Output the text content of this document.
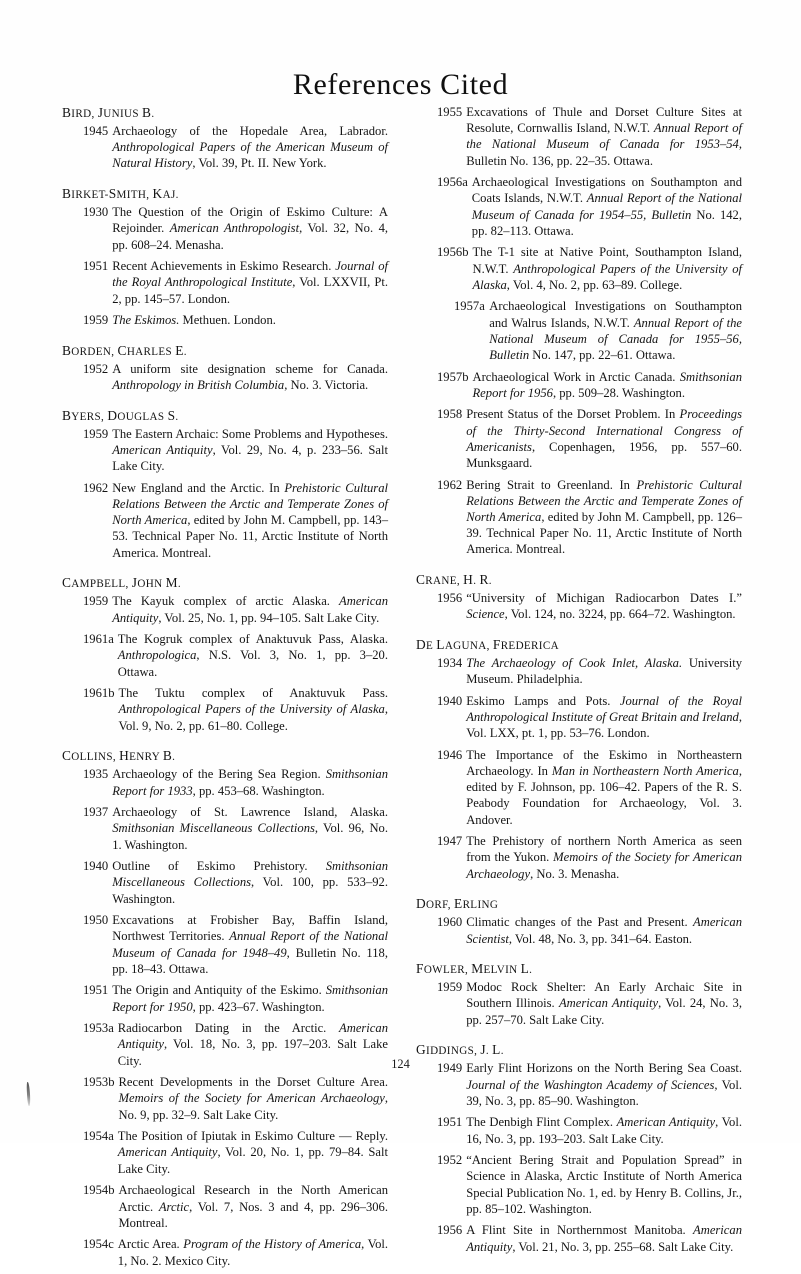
References Cited
BIRD, JUNIUS B.
1945 Archaeology of the Hopedale Area, Labrador. Anthropological Papers of the American Museum of Natural History, Vol. 39, Pt. II. New York.
BIRKET-SMITH, KAJ.
1930 The Question of the Origin of Eskimo Culture: A Rejoinder. American Anthropologist, Vol. 32, No. 4, pp. 608–24. Menasha.
1951 Recent Achievements in Eskimo Research. Journal of the Royal Anthropological Institute, Vol. LXXVII, Pt. 2, pp. 145–57. London.
1959 The Eskimos. Methuen. London.
BORDEN, CHARLES E.
1952 A uniform site designation scheme for Canada. Anthropology in British Columbia, No. 3. Victoria.
BYERS, DOUGLAS S.
1959 The Eastern Archaic: Some Problems and Hypotheses. American Antiquity, Vol. 29, No. 4, p. 233–56. Salt Lake City.
1962 New England and the Arctic. In Prehistoric Cultural Relations Between the Arctic and Temperate Zones of North America, edited by John M. Campbell, pp. 143–53. Technical Paper No. 11, Arctic Institute of North America. Montreal.
CAMPBELL, JOHN M.
1959 The Kayuk complex of arctic Alaska. American Antiquity, Vol. 25, No. 1, pp. 94–105. Salt Lake City.
1961a The Kogruk complex of Anaktuvuk Pass, Alaska. Anthropologica, N.S. Vol. 3, No. 1, pp. 3–20. Ottawa.
1961b The Tuktu complex of Anaktuvuk Pass. Anthropological Papers of the University of Alaska, Vol. 9, No. 2, pp. 61–80. College.
COLLINS, HENRY B.
1935 Archaeology of the Bering Sea Region. Smithsonian Report for 1933, pp. 453–68. Washington.
1937 Archaeology of St. Lawrence Island, Alaska. Smithsonian Miscellaneous Collections, Vol. 96, No. 1. Washington.
1940 Outline of Eskimo Prehistory. Smithsonian Miscellaneous Collections, Vol. 100, pp. 533–92. Washington.
1950 Excavations at Frobisher Bay, Baffin Island, Northwest Territories. Annual Report of the National Museum of Canada for 1948–49, Bulletin No. 118, pp. 18–43. Ottawa.
1951 The Origin and Antiquity of the Eskimo. Smithsonian Report for 1950, pp. 423–67. Washington.
1953a Radiocarbon Dating in the Arctic. American Antiquity, Vol. 18, No. 3, pp. 197–203. Salt Lake City.
1953b Recent Developments in the Dorset Culture Area. Memoirs of the Society for American Archaeology, No. 9, pp. 32–9. Salt Lake City.
1954a The Position of Ipiutak in Eskimo Culture — Reply. American Antiquity, Vol. 20, No. 1, pp. 79–84. Salt Lake City.
1954b Archaeological Research in the North American Arctic. Arctic, Vol. 7, Nos. 3 and 4, pp. 296–306. Montreal.
1954c Arctic Area. Program of the History of America, Vol. 1, No. 2. Mexico City.
1955 Excavations of Thule and Dorset Culture Sites at Resolute, Cornwallis Island, N.W.T. Annual Report of the National Museum of Canada for 1953–54, Bulletin No. 136, pp. 22–35. Ottawa.
1956a Archaeological Investigations on Southampton and Coats Islands, N.W.T. Annual Report of the National Museum of Canada for 1954–55, Bulletin No. 142, pp. 82–113. Ottawa.
1956b The T-1 site at Native Point, Southampton Island, N.W.T. Anthropological Papers of the University of Alaska, Vol. 4, No. 2, pp. 63–89. College.
1957a Archaeological Investigations on Southampton and Walrus Islands, N.W.T. Annual Report of the National Museum of Canada for 1955–56, Bulletin No. 147, pp. 22–61. Ottawa.
1957b Archaeological Work in Arctic Canada. Smithsonian Report for 1956, pp. 509–28. Washington.
1958 Present Status of the Dorset Problem. In Proceedings of the Thirty-Second International Congress of Americanists, Copenhagen, 1956, pp. 557–60. Munksgaard.
1962 Bering Strait to Greenland. In Prehistoric Cultural Relations Between the Arctic and Temperate Zones of North America, edited by John M. Campbell, pp. 126–39. Technical Paper No. 11, Arctic Institute of North America. Montreal.
CRANE, H. R.
1956 “University of Michigan Radiocarbon Dates I.” Science, Vol. 124, no. 3224, pp. 664–72. Washington.
DE LAGUNA, FREDERICA
1934 The Archaeology of Cook Inlet, Alaska. University Museum. Philadelphia.
1940 Eskimo Lamps and Pots. Journal of the Royal Anthropological Institute of Great Britain and Ireland, Vol. LXX, pt. 1, pp. 53–76. London.
1946 The Importance of the Eskimo in Northeastern Archaeology. In Man in Northeastern North America, edited by F. Johnson, pp. 106–42. Papers of the R. S. Peabody Foundation for Archaeology, Vol. 3. Andover.
1947 The Prehistory of northern North America as seen from the Yukon. Memoirs of the Society for American Archaeology, No. 3. Menasha.
DORF, ERLING
1960 Climatic changes of the Past and Present. American Scientist, Vol. 48, No. 3, pp. 341–64. Easton.
FOWLER, MELVIN L.
1959 Modoc Rock Shelter: An Early Archaic Site in Southern Illinois. American Antiquity, Vol. 24, No. 3, pp. 257–70. Salt Lake City.
GIDDINGS, J. L.
1949 Early Flint Horizons on the North Bering Sea Coast. Journal of the Washington Academy of Sciences, Vol. 39, No. 3, pp. 85–90. Washington.
1951 The Denbigh Flint Complex. American Antiquity, Vol. 16, No. 3, pp. 193–203. Salt Lake City.
1952 “Ancient Bering Strait and Population Spread” in Science in Alaska, Arctic Institute of North America Special Publication No. 1, ed. by Henry B. Collins, Jr., pp. 85–102. Washington.
1956 A Flint Site in Northernmost Manitoba. American Antiquity, Vol. 21, No. 3, pp. 255–68. Salt Lake City.
124
